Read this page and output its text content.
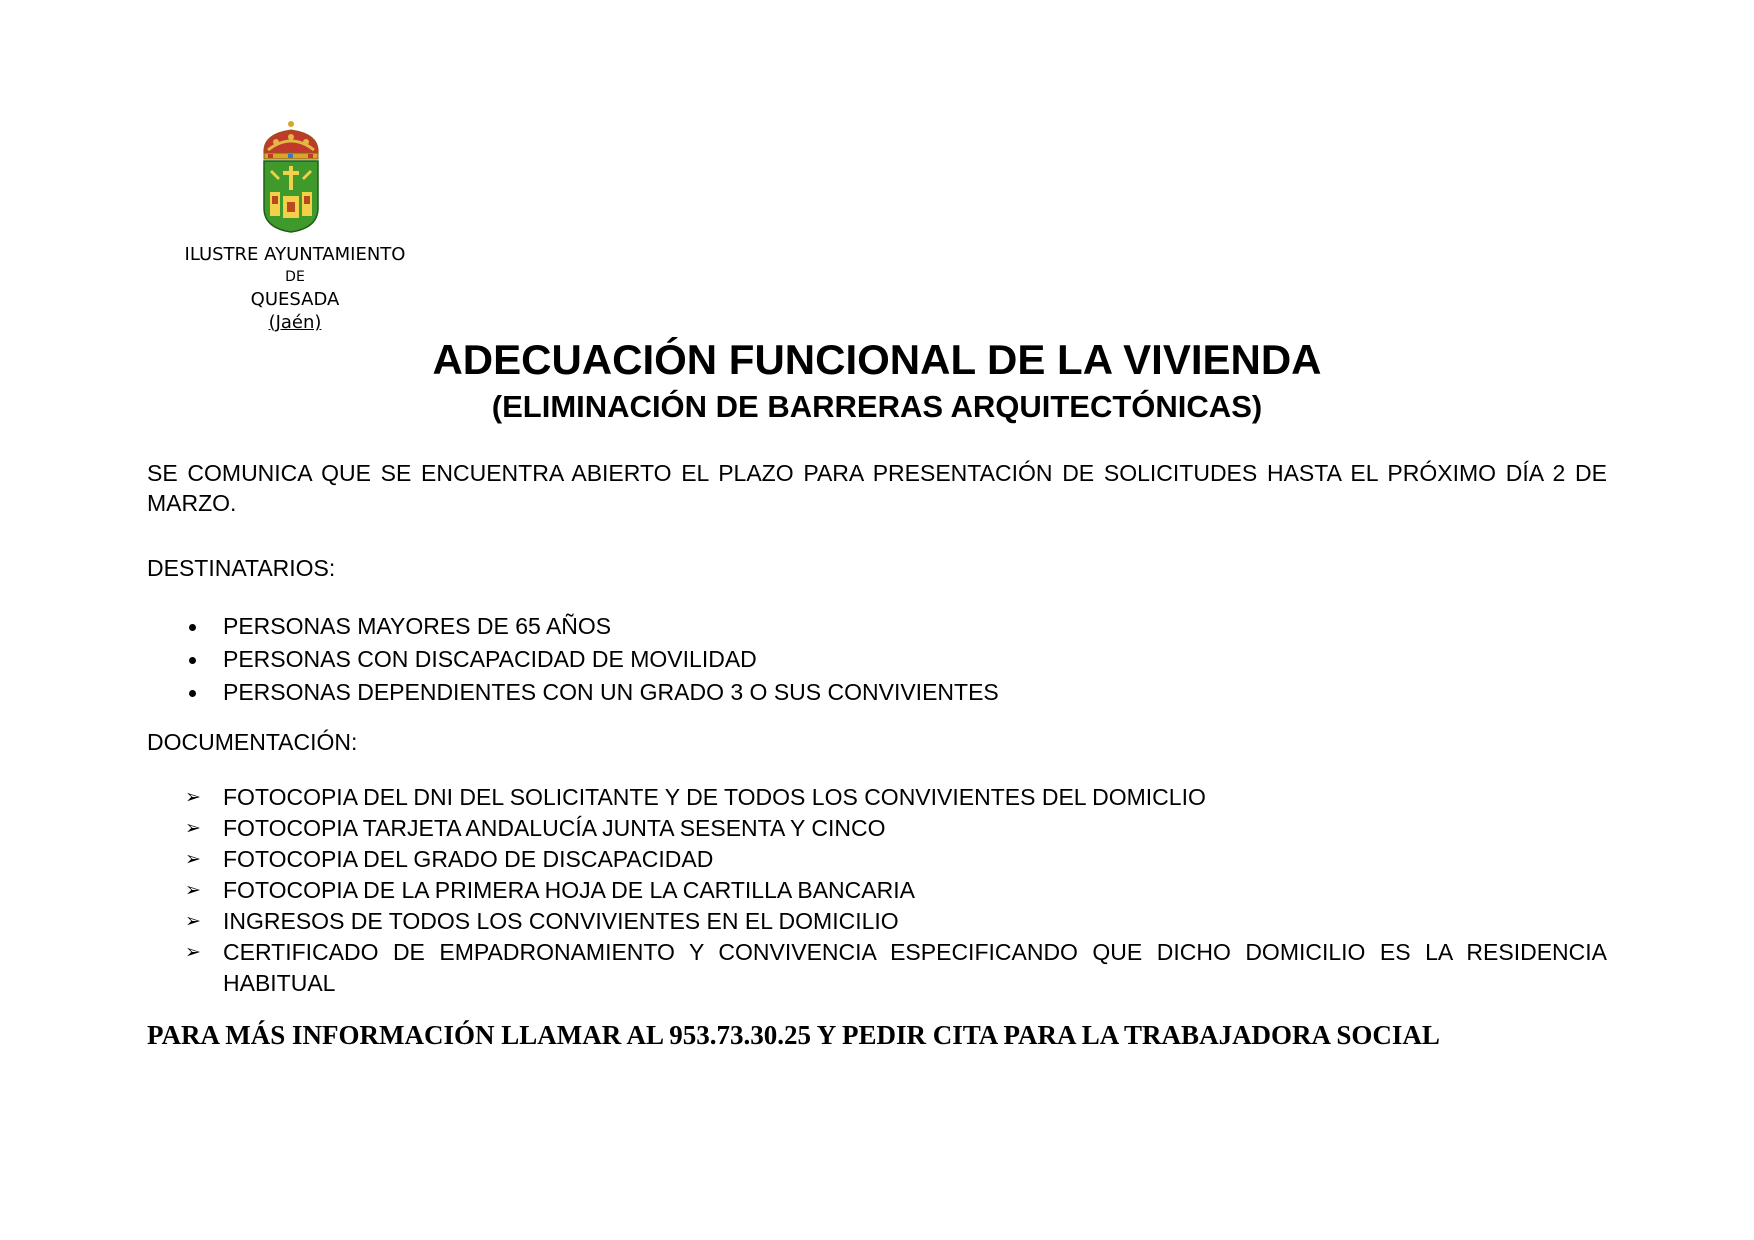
ILUSTRE AYUNTAMIENTO
DE
QUESADA
(Jaén)
ADECUACIÓN FUNCIONAL DE LA VIVIENDA
(ELIMINACIÓN DE BARRERAS ARQUITECTÓNICAS)
SE COMUNICA QUE SE ENCUENTRA ABIERTO EL PLAZO PARA PRESENTACIÓN DE SOLICITUDES HASTA EL PRÓXIMO DÍA 2 DE MARZO.
DESTINATARIOS:
PERSONAS MAYORES DE 65 AÑOS
PERSONAS CON DISCAPACIDAD DE MOVILIDAD
PERSONAS DEPENDIENTES CON UN GRADO 3 O SUS CONVIVIENTES
DOCUMENTACIÓN:
➢ FOTOCOPIA DEL DNI DEL SOLICITANTE Y DE TODOS LOS CONVIVIENTES DEL DOMICLIO
➢ FOTOCOPIA TARJETA ANDALUCÍA JUNTA SESENTA Y CINCO
➢ FOTOCOPIA DEL GRADO DE DISCAPACIDAD
➢ FOTOCOPIA DE LA PRIMERA HOJA DE LA CARTILLA BANCARIA
➢ INGRESOS DE TODOS LOS CONVIVIENTES EN EL DOMICILIO
➢ CERTIFICADO DE EMPADRONAMIENTO Y CONVIVENCIA ESPECIFICANDO QUE DICHO DOMICILIO ES LA RESIDENCIA HABITUAL
PARA MÁS INFORMACIÓN LLAMAR AL 953.73.30.25 Y PEDIR CITA PARA LA TRABAJADORA SOCIAL
